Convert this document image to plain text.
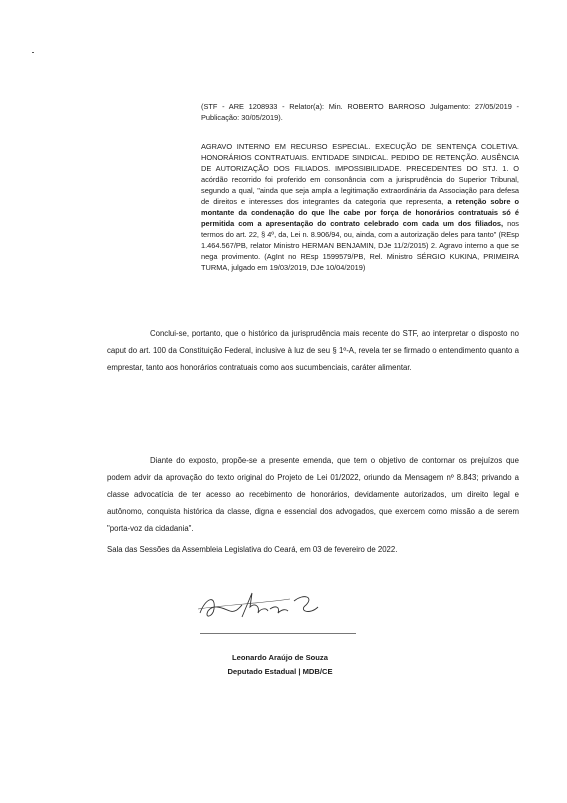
(STF - ARE 1208933 - Relator(a): Min. ROBERTO BARROSO Julgamento: 27/05/2019 - Publicação: 30/05/2019).
AGRAVO INTERNO EM RECURSO ESPECIAL. EXECUÇÃO DE SENTENÇA COLETIVA. HONORÁRIOS CONTRATUAIS. ENTIDADE SINDICAL. PEDIDO DE RETENÇÃO. AUSÊNCIA DE AUTORIZAÇÃO DOS FILIADOS. IMPOSSIBILIDADE. PRECEDENTES DO STJ. 1. O acórdão recorrido foi proferido em consonância com a jurisprudência do Superior Tribunal, segundo a qual, "ainda que seja ampla a legitimação extraordinária da Associação para defesa de direitos e interesses dos integrantes da categoria que representa, a retenção sobre o montante da condenação do que lhe cabe por força de honorários contratuais só é permitida com a apresentação do contrato celebrado com cada um dos filiados, nos termos do art. 22, § 4º, da, Lei n. 8.906/94, ou, ainda, com a autorização deles para tanto" (REsp 1.464.567/PB, relator Ministro HERMAN BENJAMIN, DJe 11/2/2015) 2. Agravo interno a que se nega provimento. (AgInt no REsp 1599579/PB, Rel. Ministro SÉRGIO KUKINA, PRIMEIRA TURMA, julgado em 19/03/2019, DJe 10/04/2019)
Conclui-se, portanto, que o histórico da jurisprudência mais recente do STF, ao interpretar o disposto no caput do art. 100 da Constituição Federal, inclusive à luz de seu § 1º-A, revela ter se firmado o entendimento quanto a emprestar, tanto aos honorários contratuais como aos sucumbenciais, caráter alimentar.
Diante do exposto, propõe-se a presente emenda, que tem o objetivo de contornar os prejuízos que podem advir da aprovação do texto original do Projeto de Lei 01/2022, oriundo da Mensagem nº 8.843; privando a classe advocatícia de ter acesso ao recebimento de honorários, devidamente autorizados, um direito legal e autônomo, conquista histórica da classe, digna e essencial dos advogados, que exercem como missão a de serem "porta-voz da cidadania".
Sala das Sessões da Assembleia Legislativa do Ceará, em 03 de fevereiro de 2022.
Leonardo Araújo de Souza
Deputado Estadual | MDB/CE
